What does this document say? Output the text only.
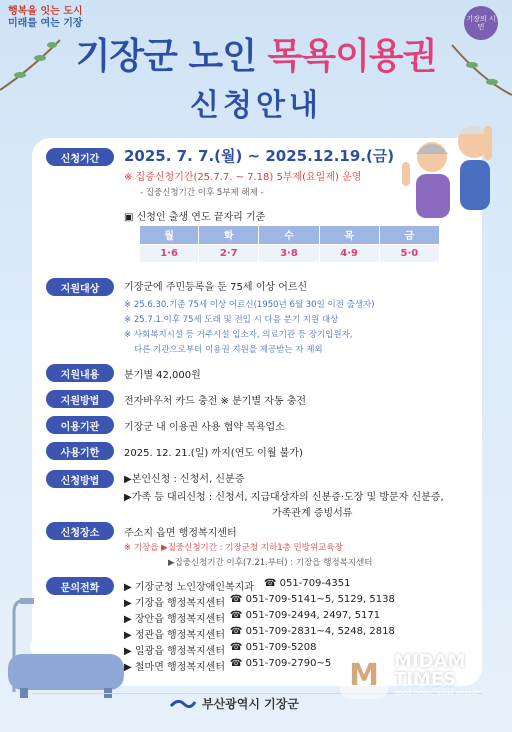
행복을 잇는 도시
미래를 여는 기장	기장의 시민
기장군 노인 목욕이용권
신청안내
신청기간	2025. 7. 7.(월) ~ 2025.12.19.(금)
※ 집중신청기간(25.7.7. ~ 7.18) 5부제(요일제) 운영
- 집중신청기간 이후 5부제 해제 -
▣ 신청인 출생 연도 끝자리 기준
월	화	수	목	금
1·6	2·7	3·8	4·9	5·0
지원대상	기장군에 주민등록을 둔 75세 이상 어르신
※ 25.6.30.기준 75세 이상 어르신(1950년 6월 30일 이전 출생자)
※ 25.7.1.이후 75세 도래 및 전입 시 다음 분기 지원 대상
※ 사회복지시설 등 거주시설 입소자, 의료기관 등 장기입원자,
다른 기관으로부터 이용권 지원을 제공받는 자 제외
지원내용	분기별 42,000원
지원방법	전자바우처 카드 충전 ※ 분기별 자동 충전
이용기관	기장군 내 이용권 사용 협약 목욕업소
사용기한	2025. 12. 21.(일) 까지(연도 이월 불가)
신청방법	▶본인신청 : 신청서, 신분증
▶가족 등 대리신청 : 신청서, 지급대상자의 신분증·도장 및 방문자 신분증,
가족관계 증빙서류
신청장소	주소지 읍면 행정복지센터
※ 기장읍 ▶집중신청기간 : 기장군청 지하1층 민방위교육장
▶집중신청기간 이후(7.21.부터) : 기장읍 행정복지센터
문의전화	▶ 기장군청 노인장애인복지과	☎ 051-709-4351
▶ 기장읍 행정복지센터 ☎ 051-709-5141~5, 5129, 5138
▶ 장안읍 행정복지센터 ☎ 051-709-2494, 2497, 5171
▶ 정관읍 행정복지센터 ☎ 051-709-2831~4, 5248, 2818
▶ 일광읍 행정복지센터 ☎ 051-709-5208
▶ 철마면 행정복지센터 ☎ 051-709-2790~5
부산광역시 기장군
M MIDAM
TIMES
good news, good people
